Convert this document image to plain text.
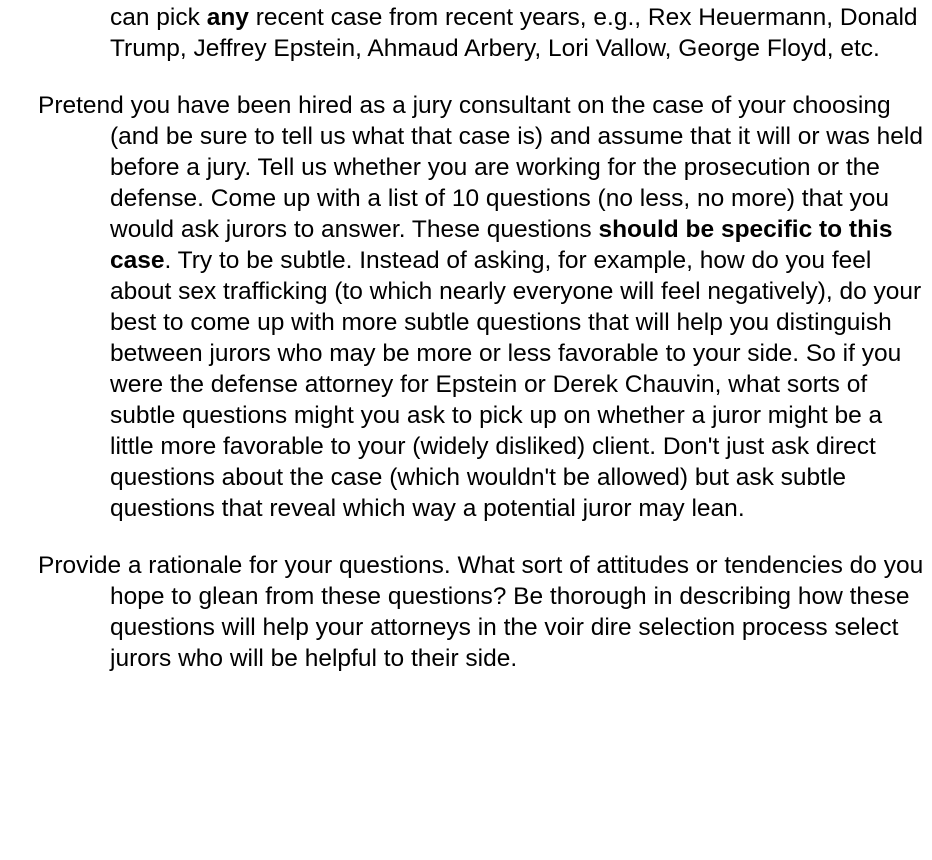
can pick any recent case from recent years, e.g., Rex Heuermann, Donald Trump, Jeffrey Epstein, Ahmaud Arbery, Lori Vallow, George Floyd, etc.

Pretend you have been hired as a jury consultant on the case of your choosing (and be sure to tell us what that case is) and assume that it will or was held before a jury. Tell us whether you are working for the prosecution or the defense. Come up with a list of 10 questions (no less, no more) that you would ask jurors to answer. These questions should be specific to this case. Try to be subtle. Instead of asking, for example, how do you feel about sex trafficking (to which nearly everyone will feel negatively), do your best to come up with more subtle questions that will help you distinguish between jurors who may be more or less favorable to your side. So if you were the defense attorney for Epstein or Derek Chauvin, what sorts of subtle questions might you ask to pick up on whether a juror might be a little more favorable to your (widely disliked) client. Don't just ask direct questions about the case (which wouldn't be allowed) but ask subtle questions that reveal which way a potential juror may lean.

Provide a rationale for your questions. What sort of attitudes or tendencies do you hope to glean from these questions? Be thorough in describing how these questions will help your attorneys in the voir dire selection process select jurors who will be helpful to their side.
